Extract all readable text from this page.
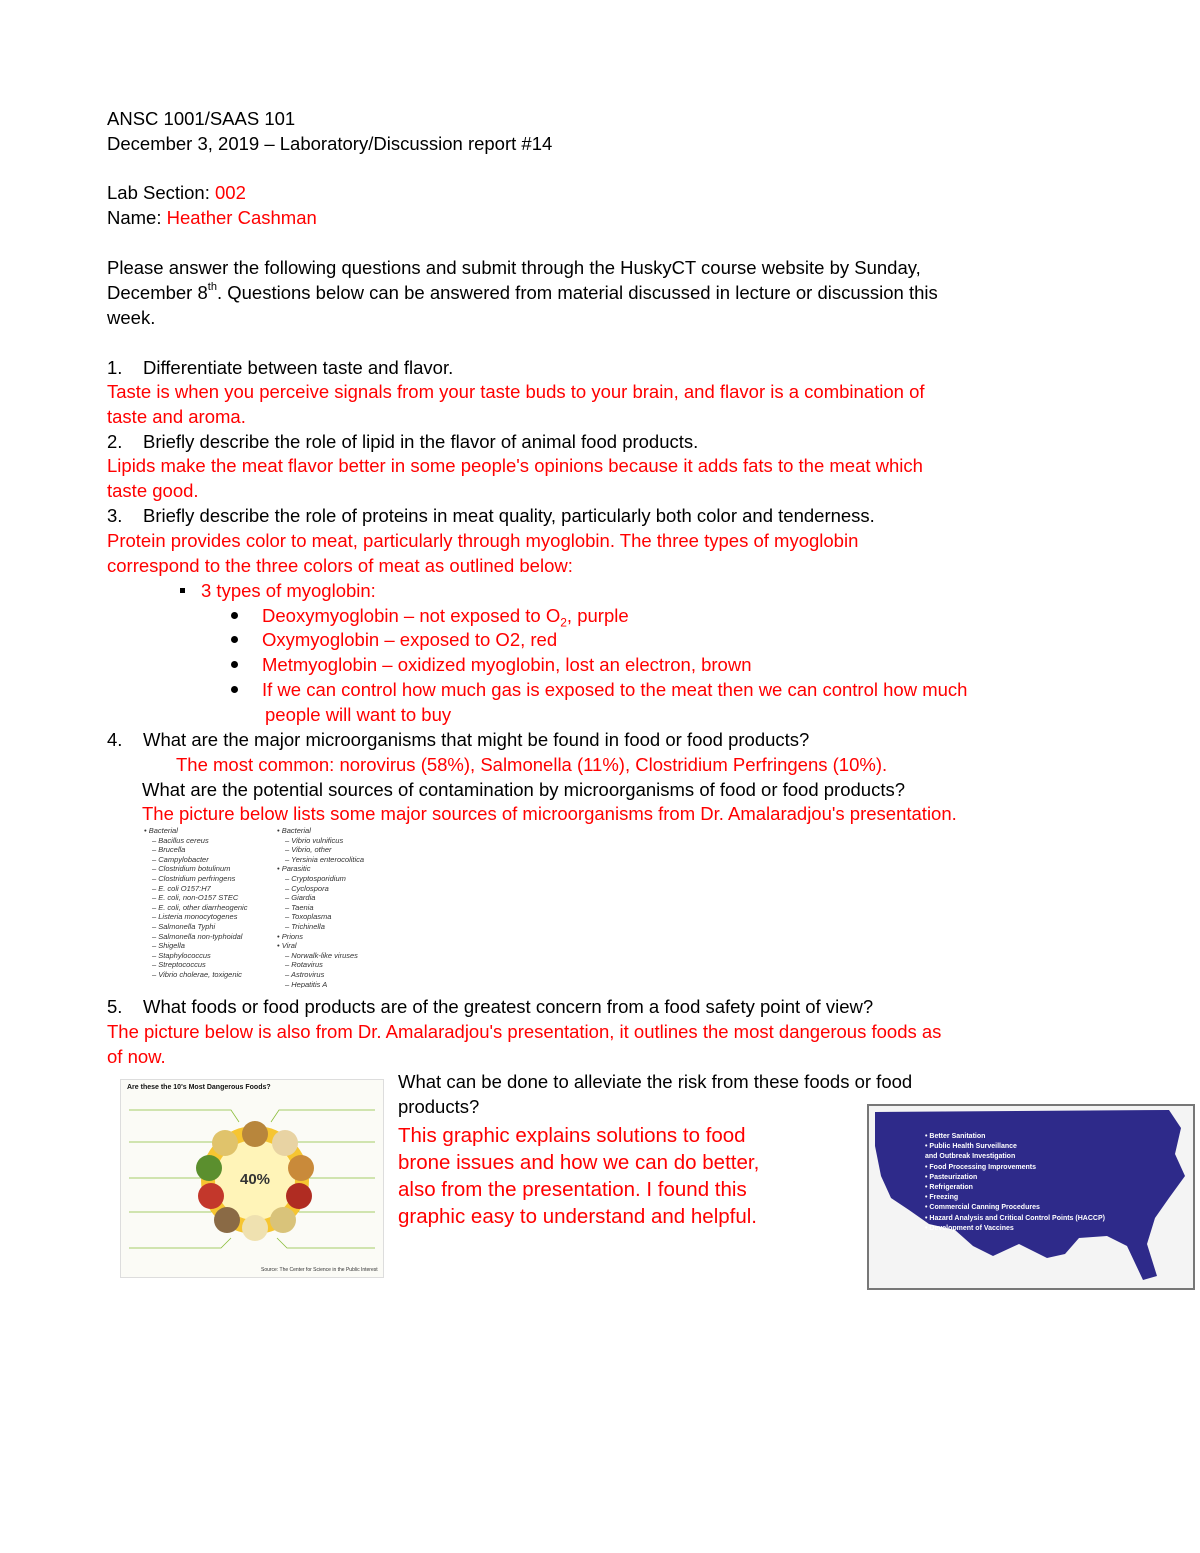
ANSC 1001/SAAS 101
December 3, 2019 – Laboratory/Discussion report #14
Lab Section: 002
Name: Heather Cashman
Please answer the following questions and submit through the HuskyCT course website by Sunday,
December 8th. Questions below can be answered from material discussed in lecture or discussion this
week.
1. Differentiate between taste and flavor.
Taste is when you perceive signals from your taste buds to your brain, and flavor is a combination of
taste and aroma.
2. Briefly describe the role of lipid in the flavor of animal food products.
Lipids make the meat flavor better in some people's opinions because it adds fats to the meat which
taste good.
3. Briefly describe the role of proteins in meat quality, particularly both color and tenderness.
Protein provides color to meat, particularly through myoglobin. The three types of myoglobin
correspond to the three colors of meat as outlined below:
3 types of myoglobin:
Deoxymyoglobin – not exposed to $O_2$, purple
Oxymyoglobin – exposed to O2, red
Metmyoglobin – oxidized myoglobin, lost an electron, brown
If we can control how much gas is exposed to the meat then we can control how much
people will want to buy
4. What are the major microorganisms that might be found in food or food products?
The most common: norovirus (58%), Salmonella (11%), Clostridium Perfringens (10%).
What are the potential sources of contamination by microorganisms of food or food products?
The picture below lists some major sources of microorganisms from Dr. Amalaradjou's presentation.
• Bacterial
– Bacillus cereus
– Brucella
– Campylobacter
– Clostridium botulinum
– Clostridium perfringens
– E. coli O157:H7
– E. coli, non-O157 STEC
– E. coli, other diarrheogenic
– Listeria monocytogenes
– Salmonella Typhi
– Salmonella non-typhoidal
– Shigella
– Staphylococcus
– Streptococcus
– Vibrio cholerae, toxigenic
• Bacterial
– Vibrio vulnificus
– Vibrio, other
– Yersinia enterocolitica
• Parasitic
– Cryptosporidium
– Cyclospora
– Giardia
– Taenia
– Toxoplasma
– Trichinella
• Prions
• Viral
– Norwalk-like viruses
– Rotavirus
– Astrovirus
– Hepatitis A
5. What foods or food products are of the greatest concern from a food safety point of view?
The picture below is also from Dr. Amalaradjou's presentation, it outlines the most dangerous foods as
of now.
Are these the 10's Most Dangerous Foods?
40%
Source: The Center for Science in the Public Interest
What can be done to alleviate the risk from these foods or food
products?
This graphic explains solutions to food
brone issues and how we can do better,
also from the presentation. I found this
graphic easy to understand and helpful.
• Better Sanitation
• Public Health Surveillance
and Outbreak Investigation
• Food Processing Improvements
• Pasteurization
• Refrigeration
• Freezing
• Commercial Canning Procedures
• Hazard Analysis and Critical Control Points (HACCP)
• Development of Vaccines
